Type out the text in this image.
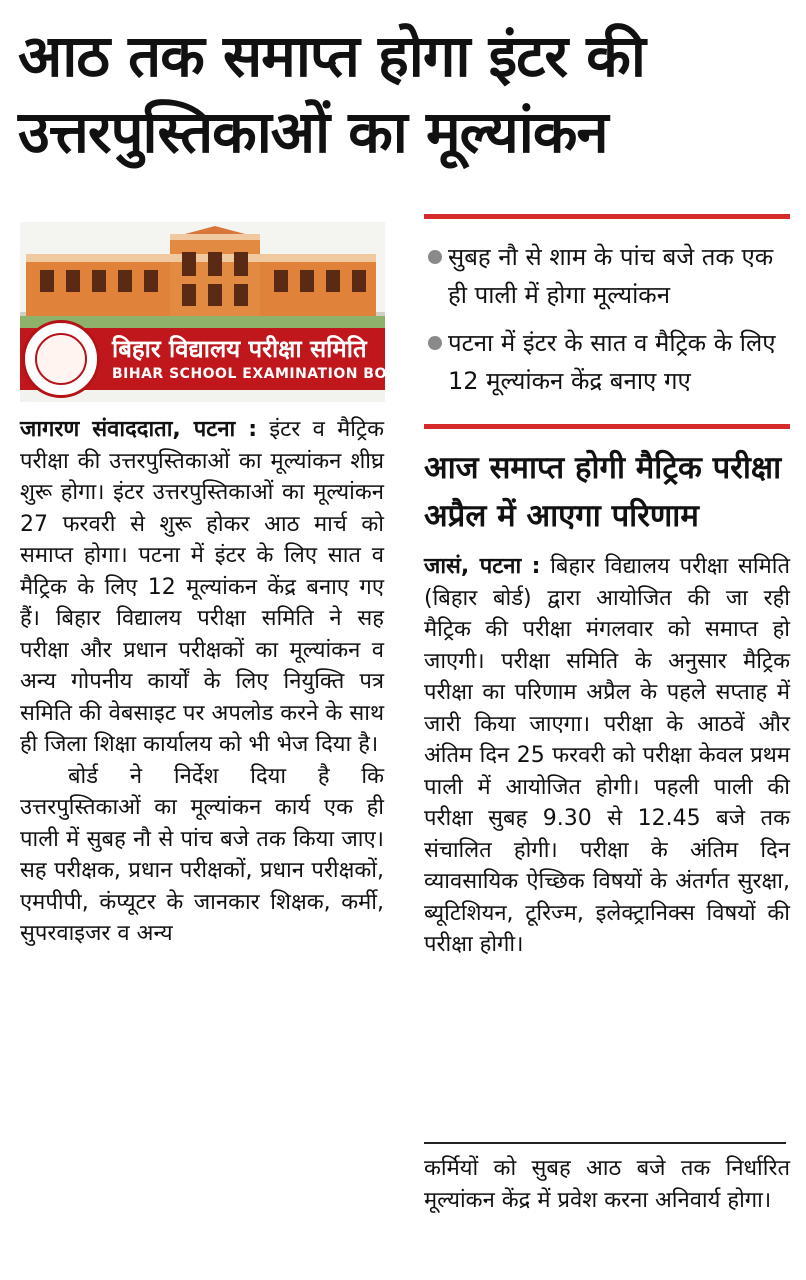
आठ तक समाप्त होगा इंटर की
उत्तरपुस्तिकाओं का मूल्यांकन
बिहार विद्यालय परीक्षा समिति
BIHAR SCHOOL EXAMINATION BOARD

जागरण संवाददाता, पटना : इंटर व मैट्रिक परीक्षा की उत्तरपुस्तिकाओं का मूल्यांकन शीघ्र शुरू होगा। इंटर उत्तरपुस्तिकाओं का मूल्यांकन 27 फरवरी से शुरू होकर आठ मार्च को समाप्त होगा। पटना में इंटर के लिए सात व मैट्रिक के लिए 12 मूल्यांकन केंद्र बनाए गए हैं। बिहार विद्यालय परीक्षा समिति ने सह परीक्षा और प्रधान परीक्षकों का मूल्यांकन व अन्य गोपनीय कार्यों के लिए नियुक्ति पत्र समिति की वेबसाइट पर अपलोड करने के साथ ही जिला शिक्षा कार्यालय को भी भेज दिया है।

बोर्ड ने निर्देश दिया है कि उत्तरपुस्तिकाओं का मूल्यांकन कार्य एक ही पाली में सुबह नौ से पांच बजे तक किया जाए। सह परीक्षक, प्रधान परीक्षकों, प्रधान परीक्षकों, एमपीपी, कंप्यूटर के जानकार शिक्षक, कर्मी, सुपरवाइजर व अन्य

सुबह नौ से शाम के पांच बजे तक एक ही पाली में होगा मूल्यांकन
पटना में इंटर के सात व मैट्रिक के लिए 12 मूल्यांकन केंद्र बनाए गए
आज समाप्त होगी मैट्रिक परीक्षा अप्रैल में आएगा परिणाम

जासं, पटना : बिहार विद्यालय परीक्षा समिति (बिहार बोर्ड) द्वारा आयोजित की जा रही मैट्रिक की परीक्षा मंगलवार को समाप्त हो जाएगी। परीक्षा समिति के अनुसार मैट्रिक परीक्षा का परिणाम अप्रैल के पहले सप्ताह में जारी किया जाएगा। परीक्षा के आठवें और अंतिम दिन 25 फरवरी को परीक्षा केवल प्रथम पाली में आयोजित होगी। पहली पाली की परीक्षा सुबह 9.30 से 12.45 बजे तक संचालित होगी। परीक्षा के अंतिम दिन व्यावसायिक ऐच्छिक विषयों के अंतर्गत सुरक्षा, ब्यूटिशियन, टूरिज्म, इलेक्ट्रानिक्स विषयों की परीक्षा होगी।

कर्मियों को सुबह आठ बजे तक निर्धारित मूल्यांकन केंद्र में प्रवेश करना अनिवार्य होगा।
